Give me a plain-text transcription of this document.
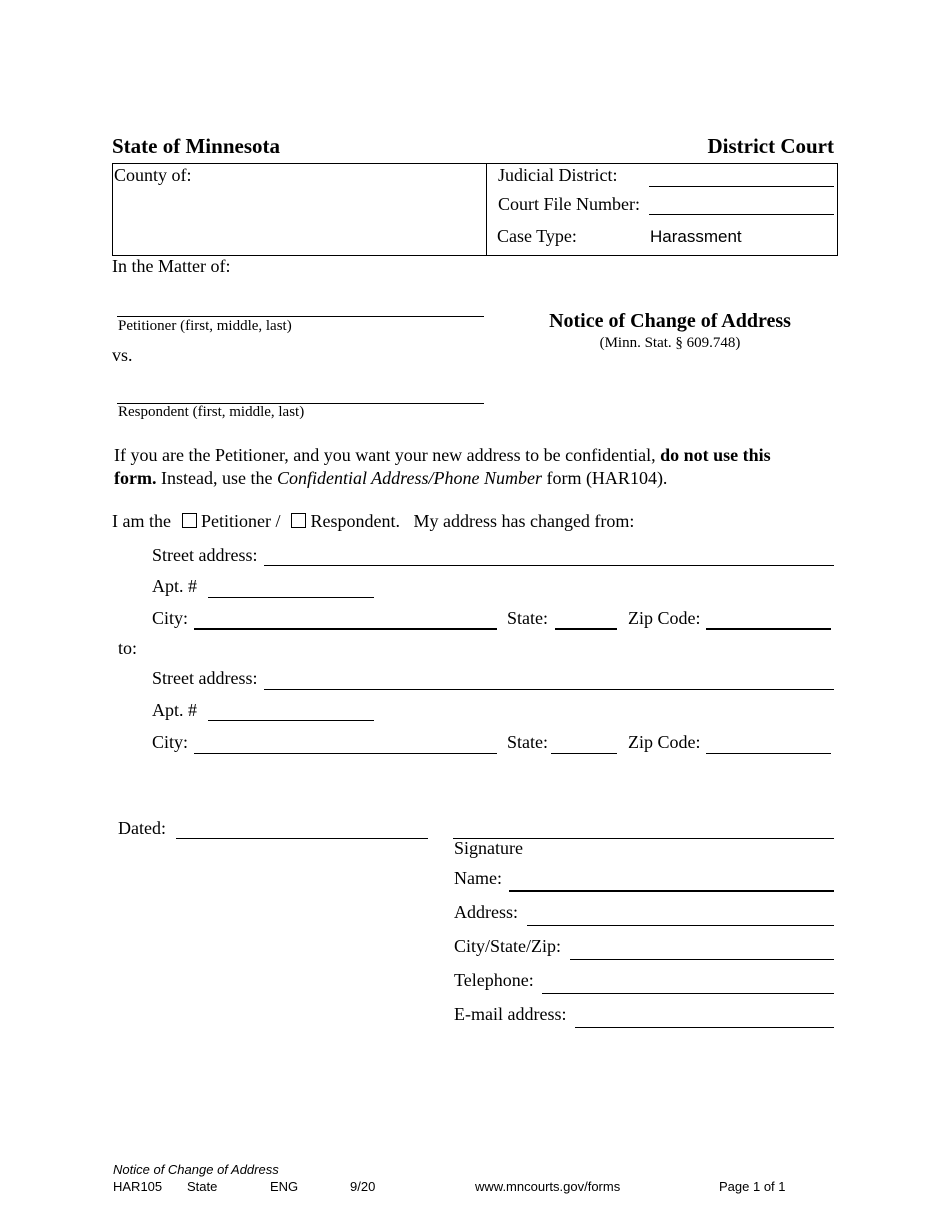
State of Minnesota	District Court
County of:	Judicial District:
Court File Number:
Case Type:	Harassment
In the Matter of:
Petitioner (first, middle, last)
vs.
Respondent (first, middle, last)
Notice of Change of Address
(Minn. Stat. § 609.748)
If you are the Petitioner, and you want your new address to be confidential, do not use this form. Instead, use the Confidential Address/Phone Number form (HAR104).
I am the Petitioner / Respondent. My address has changed from:
Street address:
Apt. #
City:	State:	Zip Code:
to:
Street address:
Apt. #
City:	State:	Zip Code:
Dated:
Signature
Name:
Address:
City/State/Zip:
Telephone:
E-mail address:
Notice of Change of Address
HAR105 State	ENG	9/20	www.mncourts.gov/forms	Page 1 of 1
